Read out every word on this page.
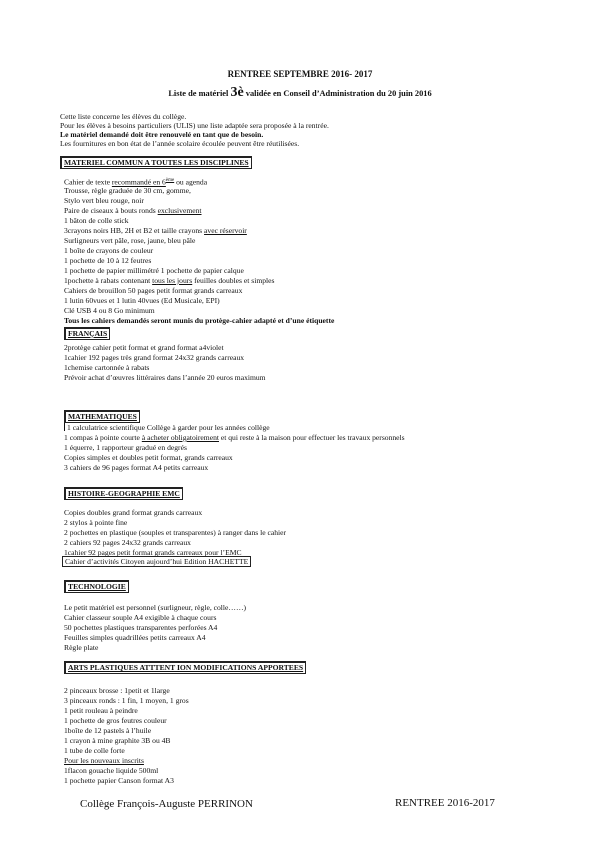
RENTREE SEPTEMBRE 2016- 2017
Liste de matériel 3è validée en Conseil d’Administration du 20 juin 2016
Cette liste concerne les élèves du collège.
Pour les élèves à besoins particuliers (ULIS) une liste adaptée sera proposée à la rentrée.
Le matériel demandé doit être renouvelé en tant que de besoin.
Les fournitures en bon état de l’année scolaire écoulée peuvent être réutilisées.
MATERIEL COMMUN A TOUTES LES DISCIPLINES
Cahier de texte recommandé en 6ème ou agenda
Trousse, règle graduée de 30 cm, gomme,
Stylo vert bleu rouge, noir
Paire de ciseaux à bouts ronds exclusivement
1 bâton de colle stick
3crayons noirs HB, 2H et B2 et taille crayons avec réservoir
Surligneurs vert pâle, rose, jaune, bleu pâle
1 boîte de crayons de couleur
1 pochette de 10 à 12 feutres
1 pochette de papier millimétré 1 pochette de papier calque
1pochette à rabats contenant tous les jours feuilles doubles et simples
Cahiers de brouillon 50 pages petit format grands carreaux
1 lutin 60vues et 1 lutin 40vues (Ed Musicale, EPI)
Clé USB 4 ou 8 Go minimum
Tous les cahiers demandés seront munis du protège-cahier adapté et d’une étiquette
FRANÇAIS
2protège cahier petit format et grand format a4violet
1cahier 192 pages très grand format 24x32 grands carreaux
1chemise cartonnée à rabats
Prévoir achat d’œuvres littéraires dans l’année 20 euros maximum
MATHEMATIQUES
1 calculatrice scientifique Collège à garder pour les années collège
1 compas à pointe courte à acheter obligatoirement et qui reste à la maison pour effectuer les travaux personnels
1 équerre, 1 rapporteur gradué en degrés
Copies simples et doubles petit format, grands carreaux
3 cahiers de 96 pages format A4 petits carreaux
HISTOIRE-GEOGRAPHIE EMC
Copies doubles grand format grands carreaux
2 stylos à pointe fine
2 pochettes en plastique (souples et transparentes) à ranger dans le cahier
2 cahiers 92 pages 24x32 grands carreaux
1cahier 92 pages petit format grands carreaux pour l’EMC
Cahier d’activités Citoyen aujourd’hui Edition HACHETTE
TECHNOLOGIE
Le petit matériel est personnel (surligneur, règle, colle……)
Cahier classeur souple A4 exigible à chaque cours
50 pochettes plastiques transparentes perforées A4
Feuilles simples quadrillées petits carreaux A4
Règle plate
ARTS PLASTIQUES ATTTENT ION MODIFICATIONS APPORTEES
2 pinceaux brosse : 1petit et 1large
3 pinceaux ronds : 1 fin, 1 moyen, 1 gros
1 petit rouleau à peindre
1 pochette de gros feutres couleur
1boîte de 12 pastels à l’huile
1 crayon à mine graphite 3B ou 4B
1 tube de colle forte
Pour les nouveaux inscrits
1flacon gouache liquide 500ml
1 pochette papier Canson format A3
Collège François-Auguste PERRINON	RENTREE 2016-2017
